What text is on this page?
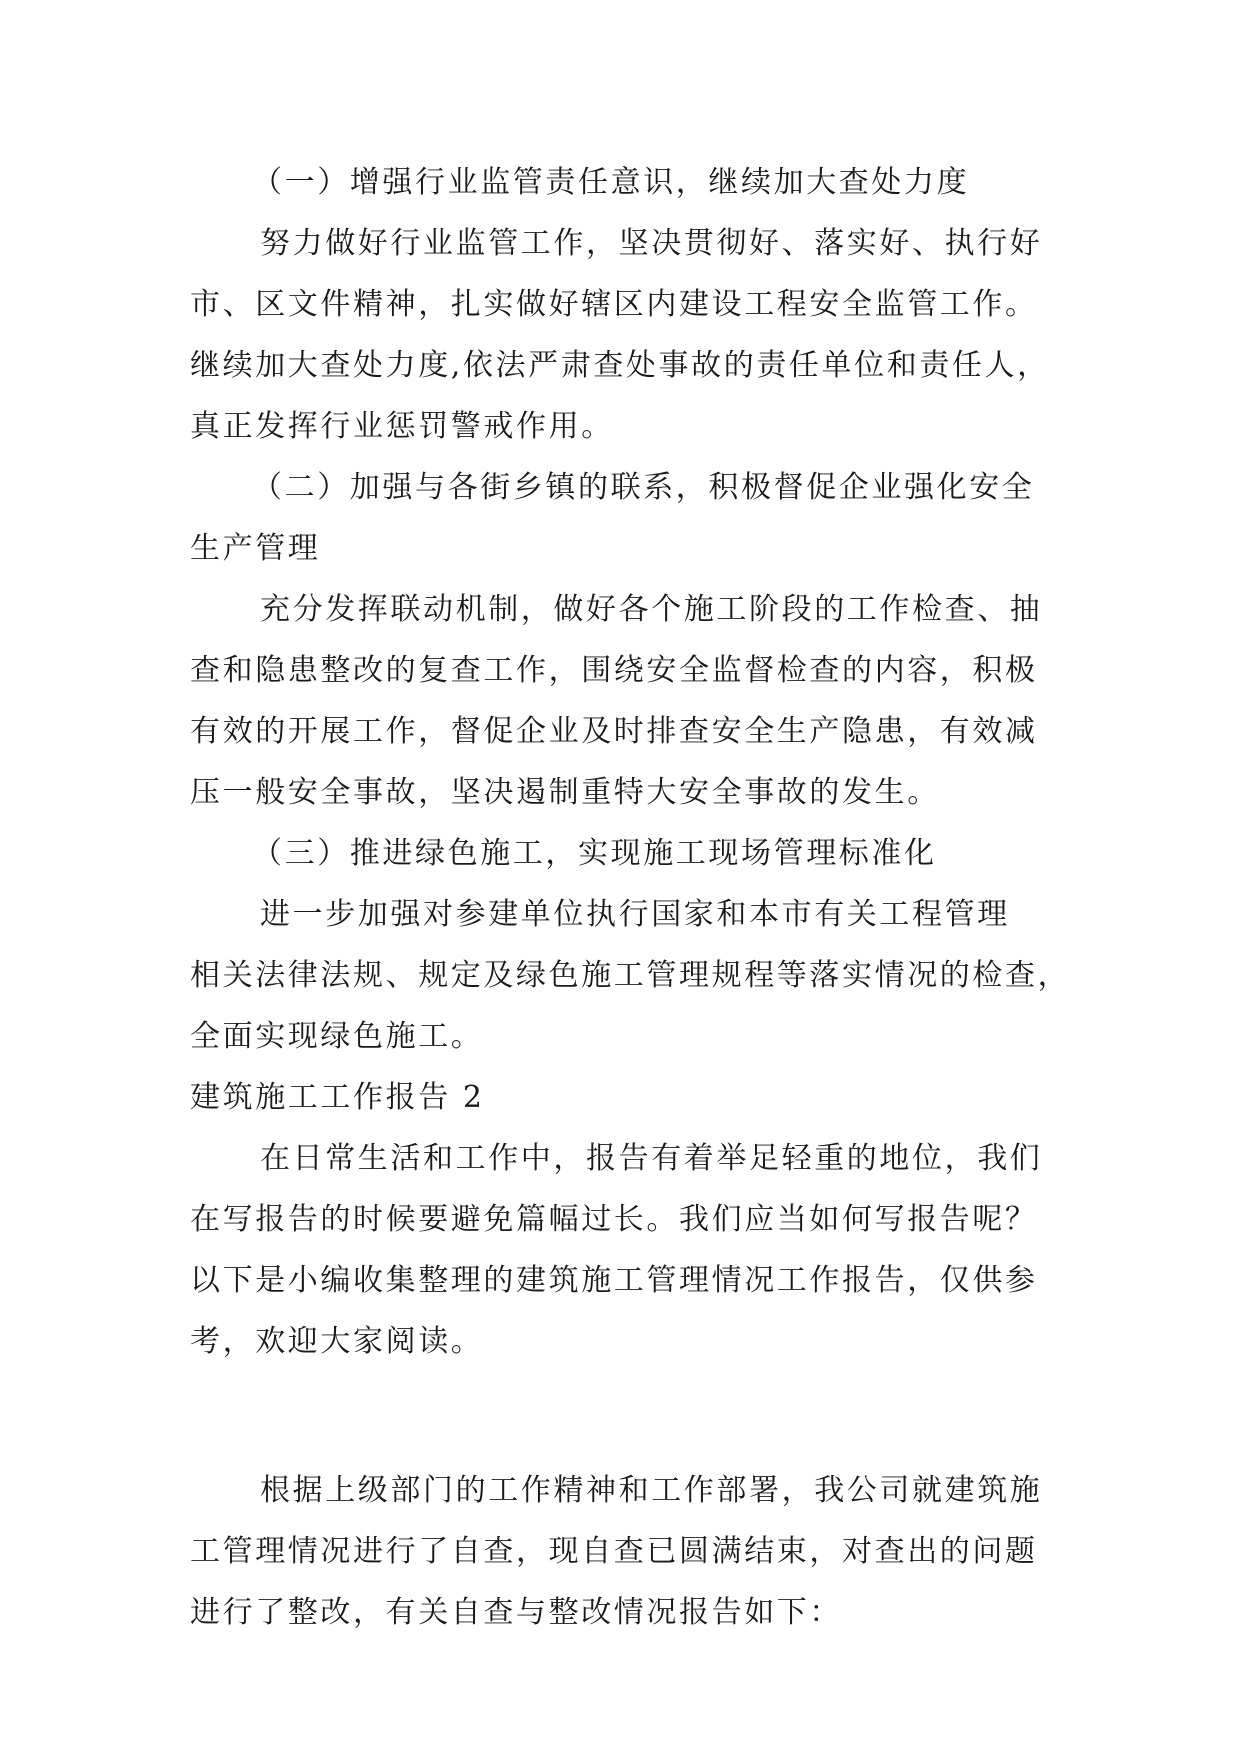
（一）增强行业监管责任意识，继续加大查处力度
努力做好行业监管工作，坚决贯彻好、落实好、执行好
市、区文件精神，扎实做好辖区内建设工程安全监管工作。
继续加大查处力度,依法严肃查处事故的责任单位和责任人，
真正发挥行业惩罚警戒作用。
（二）加强与各街乡镇的联系，积极督促企业强化安全
生产管理
充分发挥联动机制，做好各个施工阶段的工作检查、抽
查和隐患整改的复查工作，围绕安全监督检查的内容，积极
有效的开展工作，督促企业及时排查安全生产隐患，有效减
压一般安全事故，坚决遏制重特大安全事故的发生。
（三）推进绿色施工，实现施工现场管理标准化
进一步加强对参建单位执行国家和本市有关工程管理
相关法律法规、规定及绿色施工管理规程等落实情况的检查，
全面实现绿色施工。
建筑施工工作报告 2
在日常生活和工作中，报告有着举足轻重的地位，我们
在写报告的时候要避免篇幅过长。我们应当如何写报告呢？
以下是小编收集整理的建筑施工管理情况工作报告，仅供参
考，欢迎大家阅读。
根据上级部门的工作精神和工作部署，我公司就建筑施
工管理情况进行了自查，现自查已圆满结束，对查出的问题
进行了整改，有关自查与整改情况报告如下：
